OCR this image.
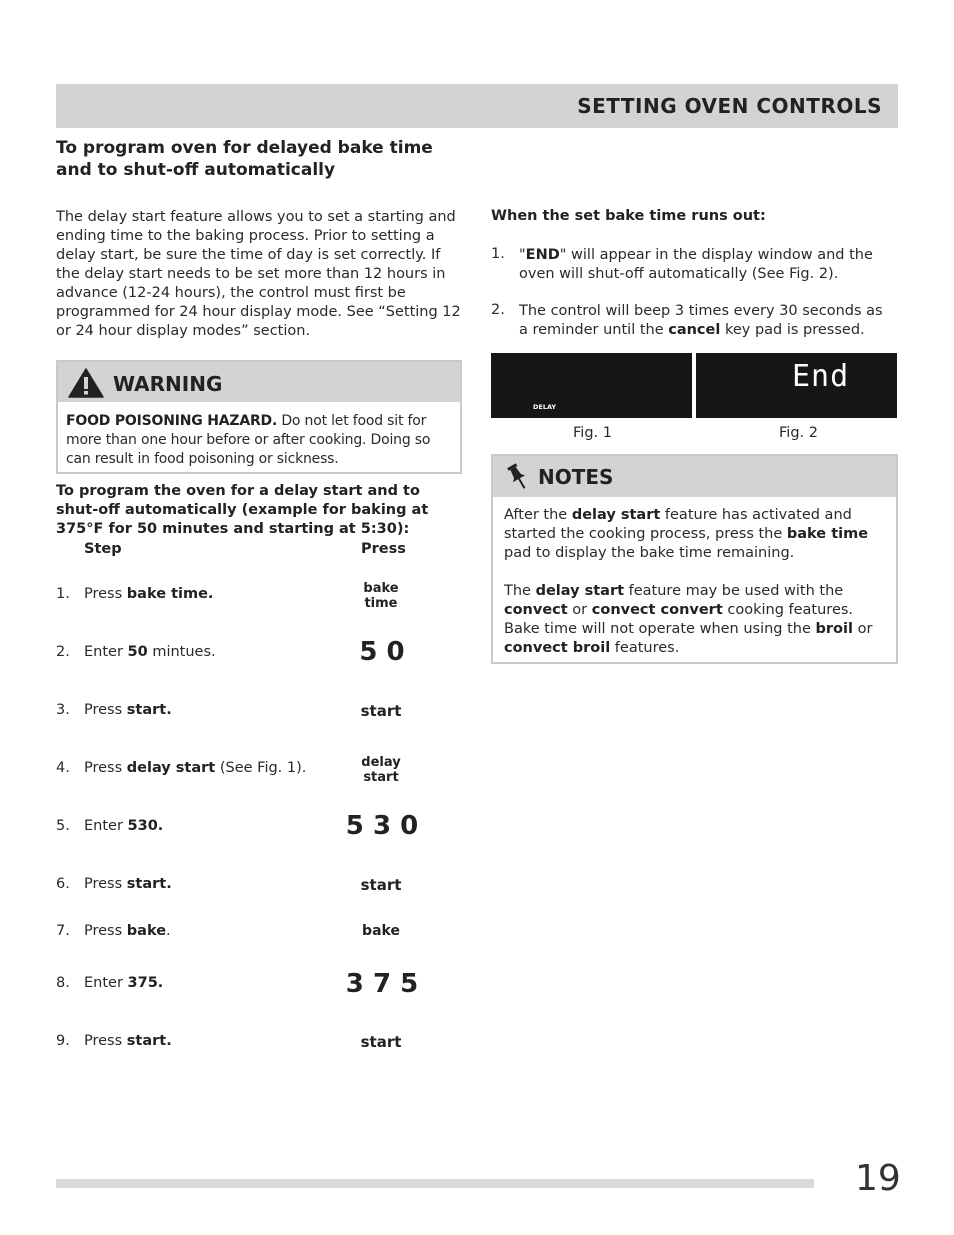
SETTING OVEN CONTROLS
To program oven for delayed bake time and to shut-off automatically
The delay start feature allows you to set a starting and ending time to the baking process. Prior to setting a delay start, be sure the time of day is set correctly. If the delay start needs to be set more than 12 hours in advance (12-24 hours), the control must first be programmed for 24 hour display mode. See “Setting 12 or 24 hour display modes” section.
WARNING
FOOD POISONING HAZARD. Do not let food sit for more than one hour before or after cooking. Doing so can result in food poisoning or sickness.
To program the oven for a delay start and to shut-off automatically (example for baking at 375°F for 50 minutes and starting at 5:30):
Step	Press
1. Press bake time.	bake
time
2. Enter 50 mintues.	5 0
3. Press start.	start
4. Press delay start (See Fig. 1).	delay
start
5. Enter 530.	5 3 0
6. Press start.	start
7. Press bake.	bake
8. Enter 375.	3 7 5
9. Press start.	start
When the set bake time runs out:
1. "END" will appear in the display window and the oven will shut-off automatically (See Fig. 2).
2. The control will beep 3 times every 30 seconds as a reminder until the cancel key pad is pressed.
DELAY
End
Fig. 1	Fig. 2
NOTES
After the delay start feature has activated and started the cooking process, press the bake time pad to display the bake time remaining.
The delay start feature may be used with the convect or convect convert cooking features. Bake time will not operate when using the broil or convect broil features.
19
